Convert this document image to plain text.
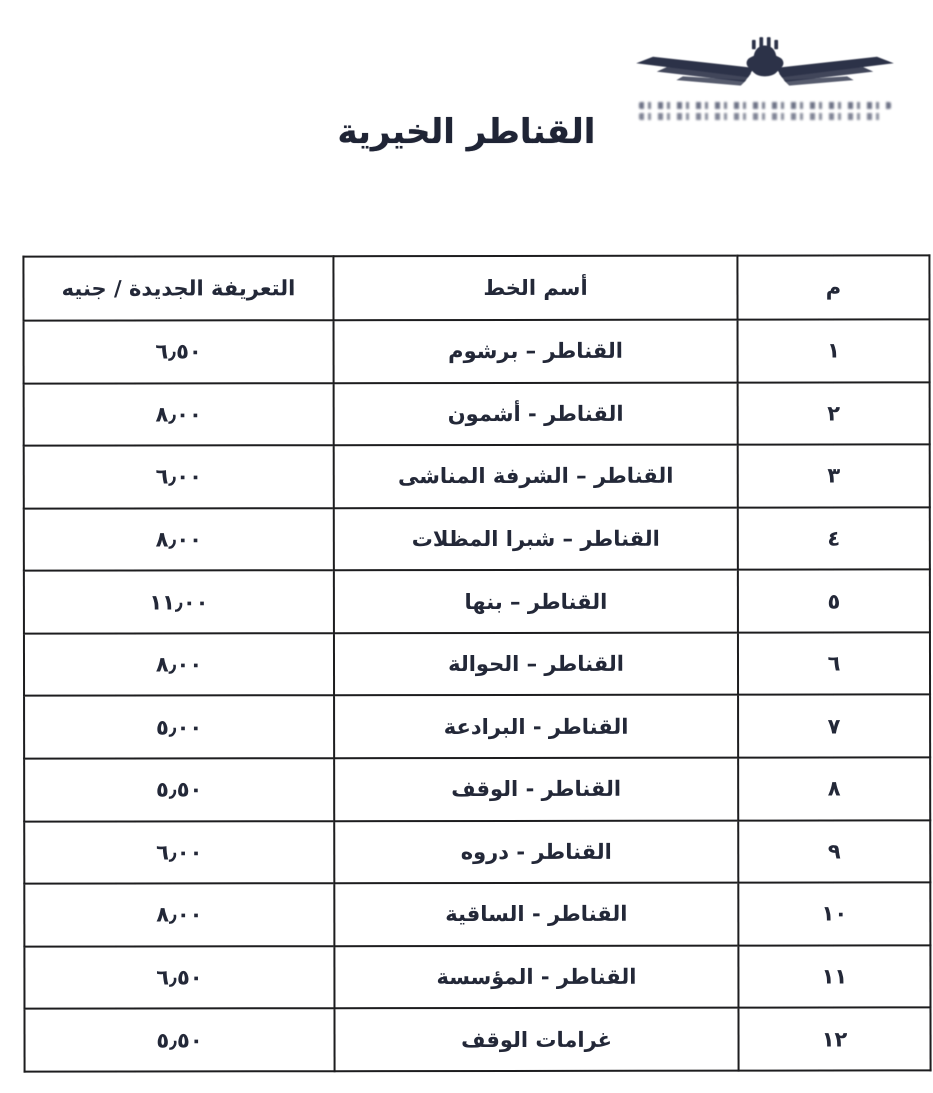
القناطر الخيرية
م	أسم الخط	التعريفة الجديدة / جنيه
١	القناطر – برشوم	٦٫٥٠
٢	القناطر - أشمون	٨٫٠٠
٣	القناطر – الشرفة المناشى	٦٫٠٠
٤	القناطر – شبرا المظلات	٨٫٠٠
٥	القناطر – بنها	١١٫٠٠
٦	القناطر – الحوالة	٨٫٠٠
٧	القناطر - البرادعة	٥٫٠٠
٨	القناطر - الوقف	٥٫٥٠
٩	القناطر - دروه	٦٫٠٠
١٠	القناطر - الساقية	٨٫٠٠
١١	القناطر - المؤسسة	٦٫٥٠
١٢	غرامات الوقف	٥٫٥٠
